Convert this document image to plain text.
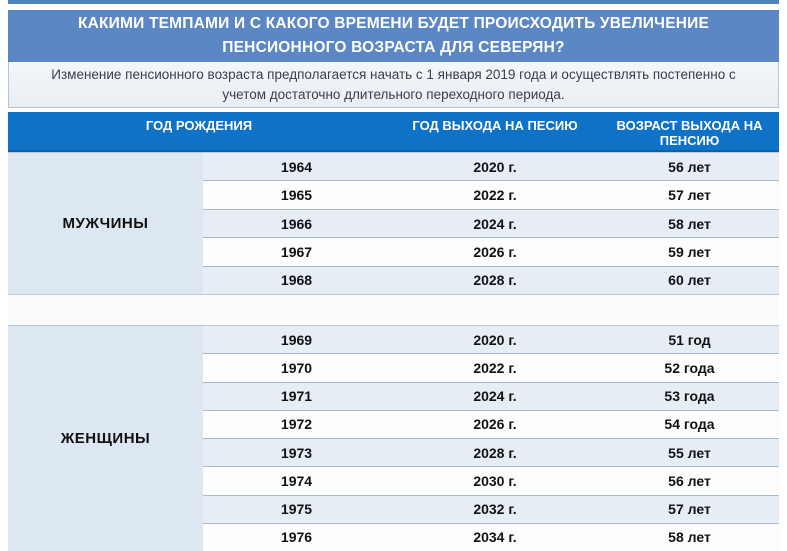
КАКИМИ ТЕМПАМИ И С КАКОГО ВРЕМЕНИ БУДЕТ ПРОИСХОДИТЬ УВЕЛИЧЕНИЕ
ПЕНСИОННОГО ВОЗРАСТА ДЛЯ СЕВЕРЯН?
Изменение пенсионного возраста предполагается начать с 1 января 2019 года и осуществлять постепенно с учетом достаточно длительного переходного периода.
ГОД РОЖДЕНИЯ	ГОД ВЫХОДА НА ПЕСИЮ	ВОЗРАСТ ВЫХОДА НА ПЕНСИЮ
МУЖЧИНЫ
1964	2020 г.	56 лет
1965	2022 г.	57 лет
1966	2024 г.	58 лет
1967	2026 г.	59 лет
1968	2028 г.	60 лет
ЖЕНЩИНЫ
1969	2020 г.	51 год
1970	2022 г.	52 года
1971	2024 г.	53 года
1972	2026 г.	54 года
1973	2028 г.	55 лет
1974	2030 г.	56 лет
1975	2032 г.	57 лет
1976	2034 г.	58 лет
